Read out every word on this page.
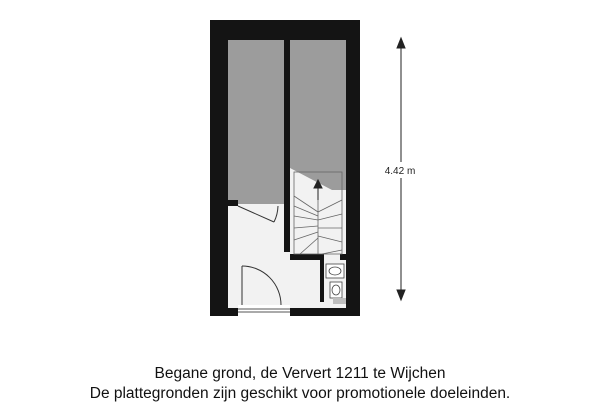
4.42 m
Begane grond, de Ververt 1211 te Wijchen
De plattegronden zijn geschikt voor promotionele doeleinden.
